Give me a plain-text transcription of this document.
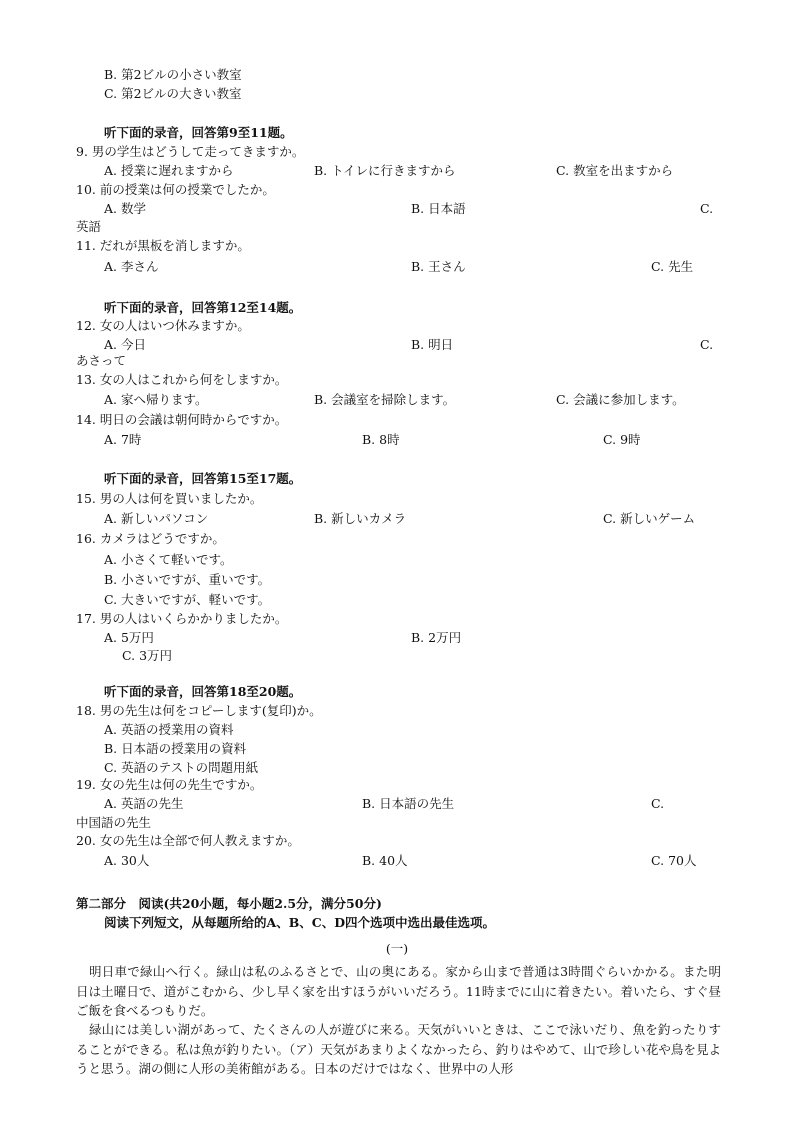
B. 第2ビルの小さい教室
C. 第2ビルの大きい教室
听下面的录音，回答第9至11题。
9. 男の学生はどうして走ってきますか。
A. 授業に遅れますから	B. トイレに行きますから	C. 教室を出ますから
10. 前の授業は何の授業でしたか。
A. 数学	B. 日本語	C.
英語
11. だれが黒板を消しますか。
A. 李さん	B. 王さん	C. 先生
听下面的录音，回答第12至14题。
12. 女の人はいつ休みますか。
A. 今日	B. 明日	C.
あさって
13. 女の人はこれから何をしますか。
A. 家へ帰ります。	B. 会議室を掃除します。	C. 会議に参加します。
14. 明日の会議は朝何時からですか。
A. 7時	B. 8時	C. 9時
听下面的录音，回答第15至17题。
15. 男の人は何を買いましたか。
A. 新しいパソコン	B. 新しいカメラ	C. 新しいゲーム
16. カメラはどうですか。
A. 小さくて軽いです。
B. 小さいですが、重いです。
C. 大きいですが、軽いです。
17. 男の人はいくらかかりましたか。
A. 5万円	B. 2万円
C. 3万円
听下面的录音，回答第18至20题。
18. 男の先生は何をコピーします(复印)か。
A. 英語の授業用の資料
B. 日本語の授業用の資料
C. 英語のテストの問題用紙
19. 女の先生は何の先生ですか。
A. 英語の先生	B. 日本語の先生	C.
中国語の先生
20. 女の先生は全部で何人教えますか。
A. 30人	B. 40人	C. 70人
第二部分　阅读(共20小题，每小题2.5分，满分50分)
阅读下列短文，从每题所给的A、B、C、D四个选项中选出最佳选项。
(一)
明日車で緑山へ行く。緑山は私のふるさとで、山の奥にある。家から山まで普通は3時間ぐらいかかる。また明日は土曜日で、道がこむから、少し早く家を出すほうがいいだろう。11時までに山に着きたい。着いたら、すぐ昼ご飯を食べるつもりだ。
緑山には美しい湖があって、たくさんの人が遊びに来る。天気がいいときは、ここで泳いだり、魚を釣ったりすることができる。私は魚が釣りたい。（ア）天気があまりよくなかったら、釣りはやめて、山で珍しい花や鳥を見ようと思う。湖の側に人形の美術館がある。日本のだけではなく、世界中の人形
